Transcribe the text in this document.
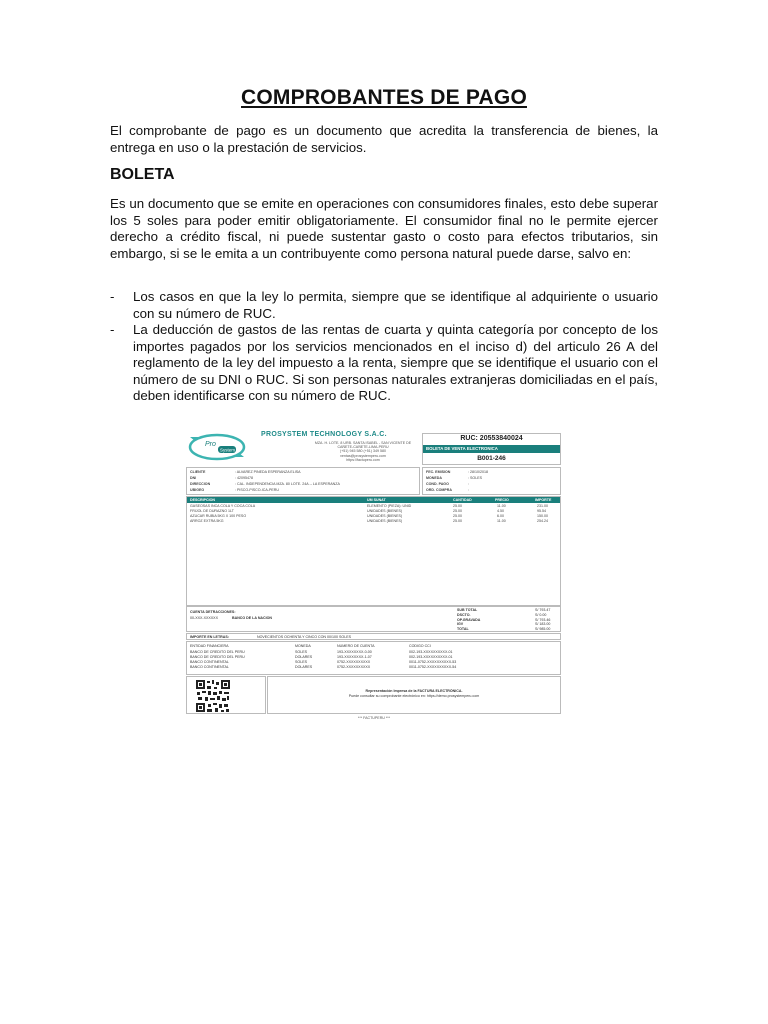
COMPROBANTES DE PAGO

El comprobante de pago es un documento que acredita la transferencia de bienes, la entrega en uso o la prestación de servicios.

BOLETA

Es un documento que se emite en operaciones con consumidores finales, esto debe superar los 5 soles para poder emitir obligatoriamente. El consumidor final no le permite ejercer derecho a crédito fiscal, ni puede sustentar gasto o costo para efectos tributarios, sin embargo, si se le emita a un contribuyente como persona natural puede darse, salvo en:

- Los casos en que la ley lo permita, siempre que se identifique al adquiriente o usuario con su número de RUC.
- La deducción de gastos de las rentas de cuarta y quinta categoría por concepto de los importes pagados por los servicios mencionados en el inciso d) del articulo 26 A del reglamento de la ley del impuesto a la renta, siempre que se identifique el usuario con el número de su DNI o RUC. Si son personas naturales extranjeras domiciliadas en el país, deben identificarse con su número de RUC.
Pro
System
PROSYSTEM TECHNOLOGY S.A.C.
MZA. H. LOTE. 8 URB. SANTA ISABEL - SAN VICENTE DE
CAÑETE-CAÑETE-LIMA-PERU
(+51) 945 580 (+51) 349 580
ventas@prosystemperu.com
https://factuperu.com
RUC: 20553840024
BOLETA DE VENTA ELECTRONICA
B001-246
CLIENTE	: ALVAREZ PINEDA ESPERANZA ELISA
DNI	: 42095478
DIRECCION	: CAL. INDEPENDENCIA MZA. 80 LOTE. 24A -- LA ESPERANZA
UBIGEO	: PISCO-PISCO-ICA-PERU
FEC. EMISION	: 28/10/2018
MONEDA	: SOLES
COND. PAGO	:
ORD. COMPRA	:
DESCRIPCION	UM SUNAT	CANTIDAD	PRECIO	IMPORTE
GASEOSAS INCA COLA Y COCA COLA	ELEMENTO (PIEZA): UNID	25.00	11.00	231.00
FRIJOL DE DURAZNO 1LT	UNIDADES (BIENES)	25.00	4.50	95.54
AZUCAR RUBIA 5KG X 100 PESO	UNIDADES (BIENES)	25.00	6.00	150.00
ARROZ EXTRA 5KG	UNIDADES (BIENES)	25.00	11.00	254.24
CUENTA DETRACCIONES:
00-XXX-XXXXXX	BANCO DE LA NACION
SUB TOTAL	S/ 793.47
DSCTO.	S/ 0.00
OP.GRAVADA	S/ 793.46
IGV	S/ 183.00
TOTAL	S/ 985.00
IMPORTE EN LETRAS:	NOVECIENTOS OCHENTA Y CINCO CON 00/100 SOLES
ENTIDAD FINANCIERA	MONEDA	NUMERO DE CUENTA	CODIGO CCI
BANCO DE CREDITO DEL PERU	SOLES	193-XXXXXXXX-0-00	002-193-XXXXXXXXXX-01
BANCO DE CREDITO DEL PERU	DOLARES	193-XXXXXXXX-1-07	002-193-XXXXXXXXXX-01
BANCO CONTINENTAL	SOLES	0752-XXXXXXXXXX	0011-0752-XXXXXXXXXX-53
BANCO CONTINENTAL	DOLARES	0752-XXXXXXXXXX	0011-0752-XXXXXXXXXX-54
Representación Impresa de la FACTURA ELECTRÓNICA.
Puede consultar su comprobante electrónico en: https://demo.prosystemperu.com
*** FACTUPERU ***
